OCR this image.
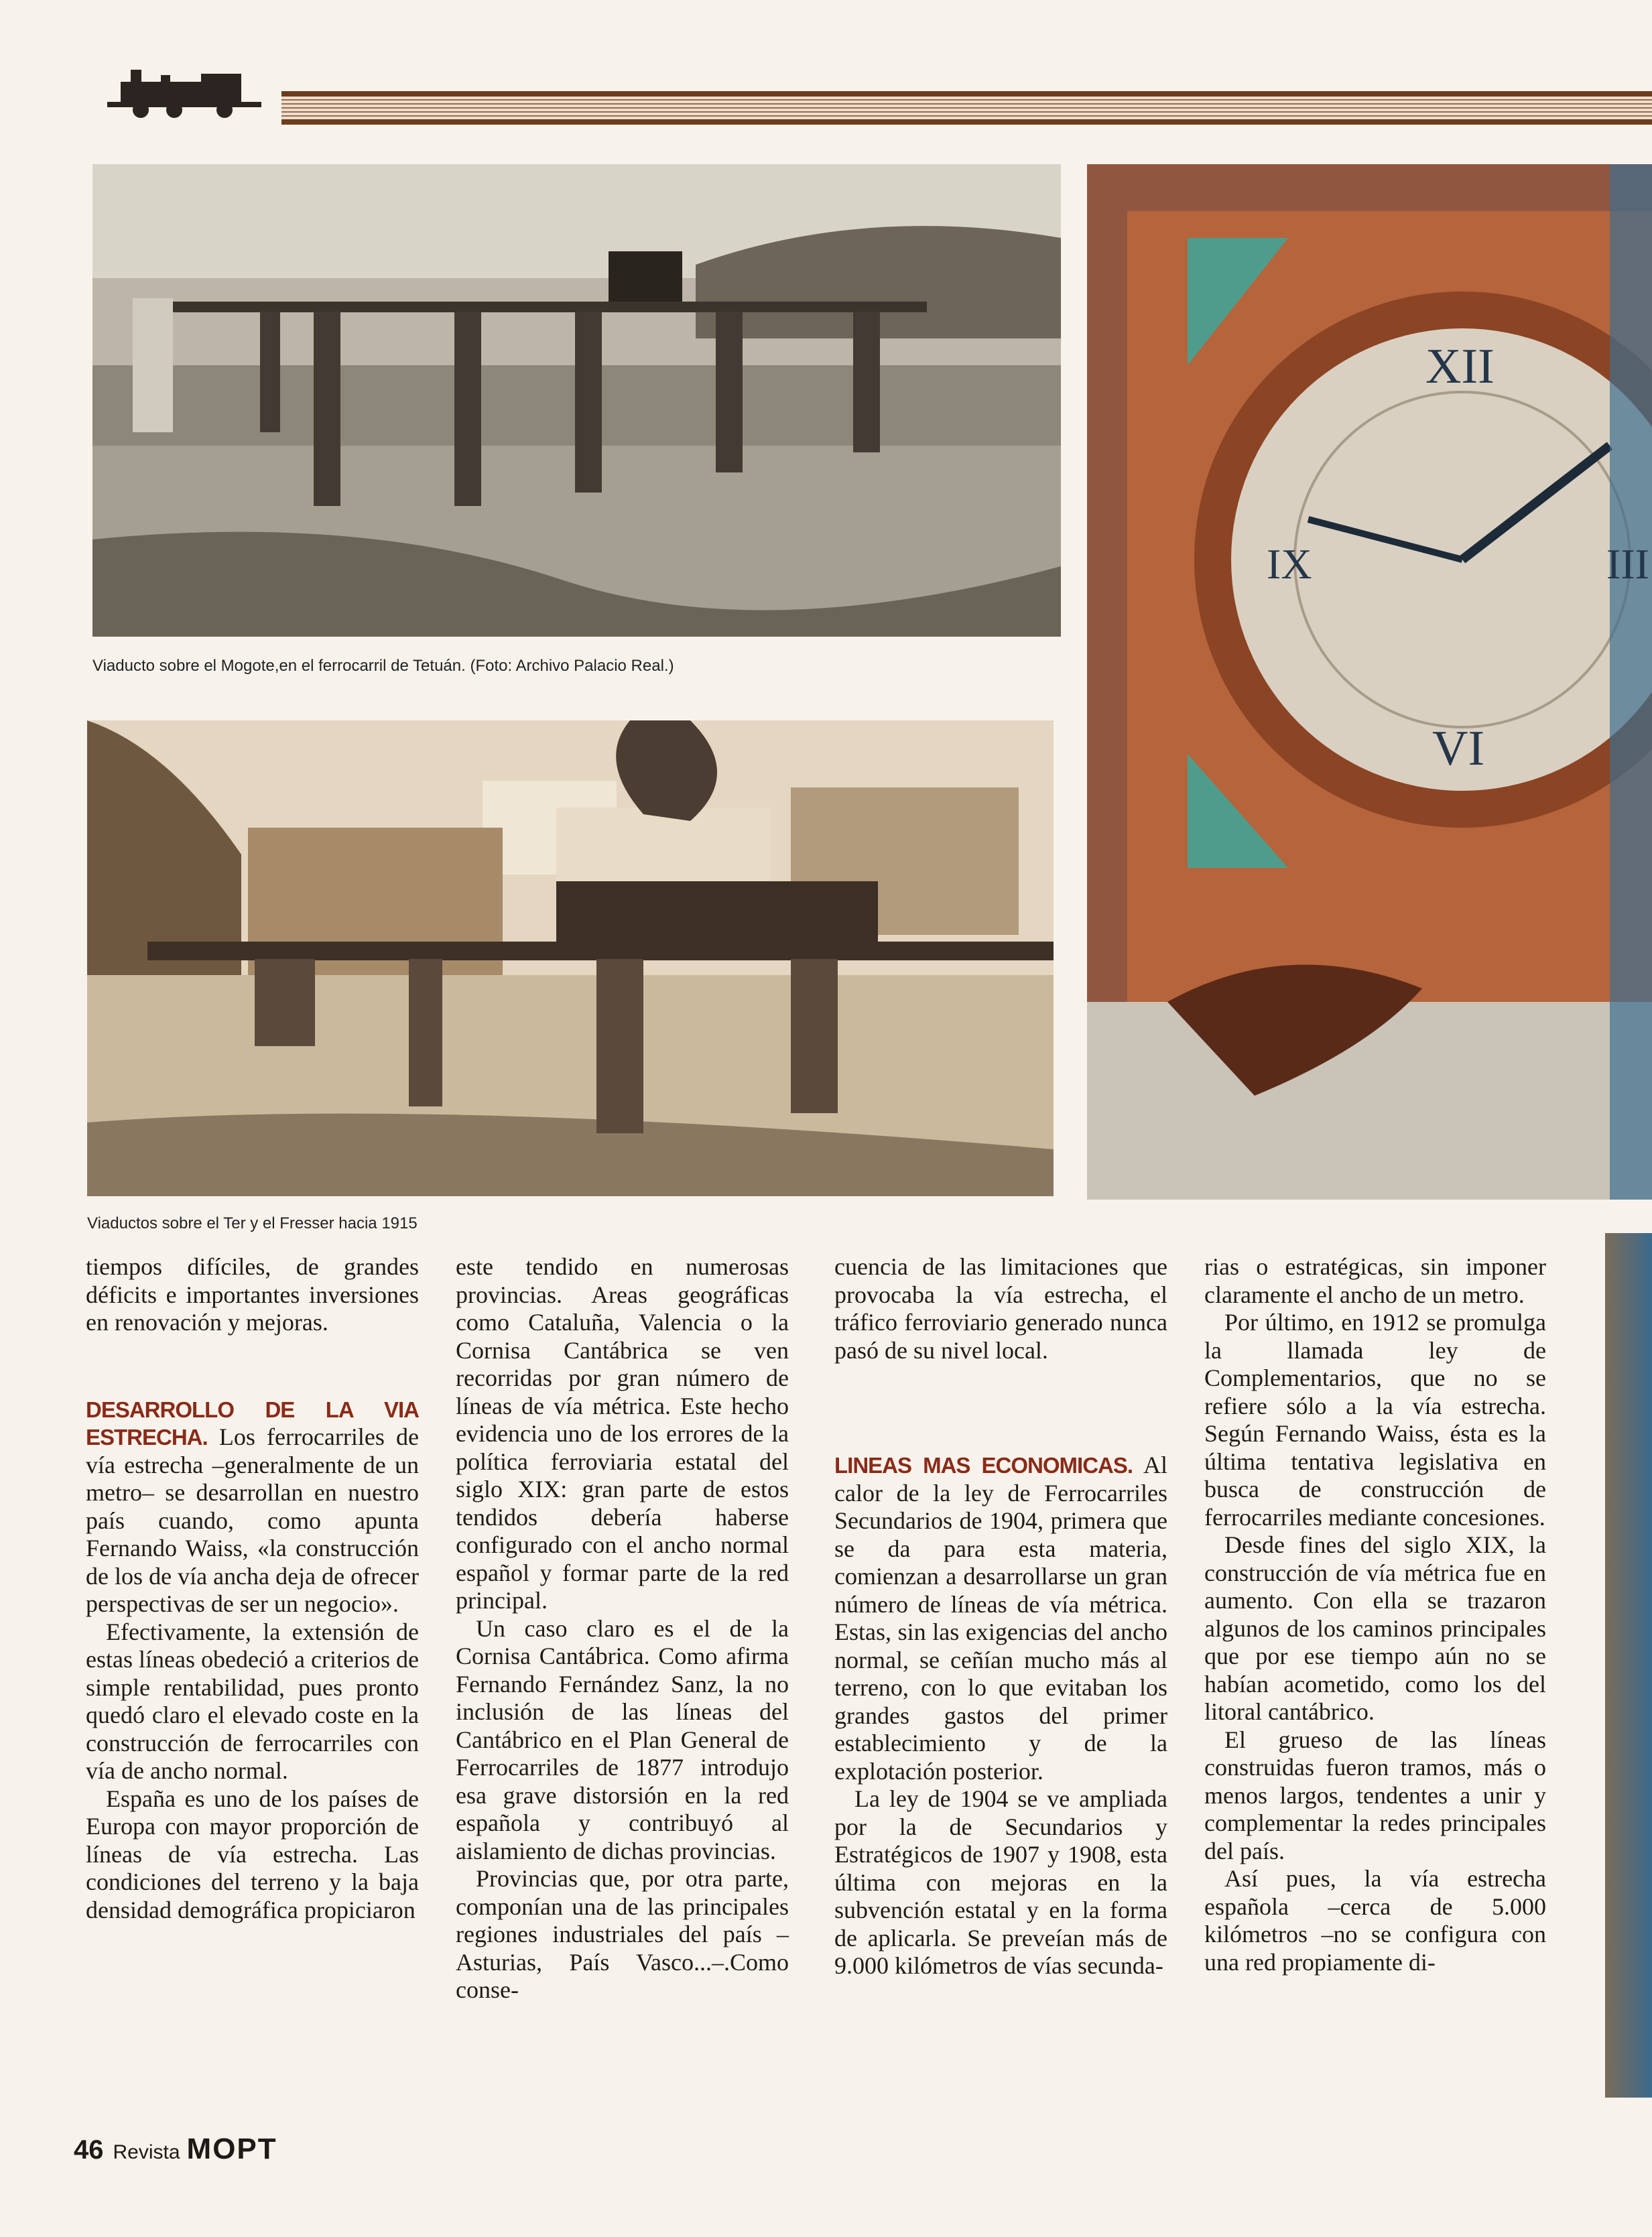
Viaducto sobre el Mogote,en el ferrocarril de Tetuán. (Foto: Archivo Palacio Real.)
Viaductos sobre el Ter y el Fresser hacia 1915
XII
VI
III
IX

tiempos difíciles, de grandes déficits e importantes inversiones en renovación y mejoras.

DESARROLLO DE LA VIA ESTRECHA. Los ferrocarriles de vía estrecha –generalmente de un metro– se desarrollan en nuestro país cuando, como apunta Fernando Waiss, «la construcción de los de vía ancha deja de ofrecer perspectivas de ser un negocio».

Efectivamente, la extensión de estas líneas obedeció a criterios de simple rentabilidad, pues pronto quedó claro el elevado coste en la construcción de ferrocarriles con vía de ancho normal.

España es uno de los países de Europa con mayor proporción de líneas de vía estrecha. Las condiciones del terreno y la baja densidad demográfica propiciaron

este tendido en numerosas provincias. Areas geográficas como Cataluña, Valencia o la Cornisa Cantábrica se ven recorridas por gran número de líneas de vía métrica. Este hecho evidencia uno de los errores de la política ferroviaria estatal del siglo XIX: gran parte de estos tendidos debería haberse configurado con el ancho normal español y formar parte de la red principal.

Un caso claro es el de la Cornisa Cantábrica. Como afirma Fernando Fernández Sanz, la no inclusión de las líneas del Cantábrico en el Plan General de Ferrocarriles de 1877 introdujo esa grave distorsión en la red española y contribuyó al aislamiento de dichas provincias.

Provincias que, por otra parte, componían una de las principales regiones industriales del país –Asturias, País Vasco...–.Como conse-

cuencia de las limitaciones que provocaba la vía estrecha, el tráfico ferroviario generado nunca pasó de su nivel local.

LINEAS MAS ECONOMICAS. Al calor de la ley de Ferrocarriles Secundarios de 1904, primera que se da para esta materia, comienzan a desarrollarse un gran número de líneas de vía métrica. Estas, sin las exigencias del ancho normal, se ceñían mucho más al terreno, con lo que evitaban los grandes gastos del primer establecimiento y de la explotación posterior.

La ley de 1904 se ve ampliada por la de Secundarios y Estratégicos de 1907 y 1908, esta última con mejoras en la subvención estatal y en la forma de aplicarla. Se preveían más de 9.000 kilómetros de vías secunda-

rias o estratégicas, sin imponer claramente el ancho de un metro.

Por último, en 1912 se promulga la llamada ley de Complementarios, que no se refiere sólo a la vía estrecha. Según Fernando Waiss, ésta es la última tentativa legislativa en busca de construcción de ferrocarriles mediante concesiones.

Desde fines del siglo XIX, la construcción de vía métrica fue en aumento. Con ella se trazaron algunos de los caminos principales que por ese tiempo aún no se habían acometido, como los del litoral cantábrico.

El grueso de las líneas construidas fueron tramos, más o menos largos, tendentes a unir y complementar la redes principales del país.

Así pues, la vía estrecha española –cerca de 5.000 kilómetros –no se configura con una red propiamente di-

46 Revista MOPT
